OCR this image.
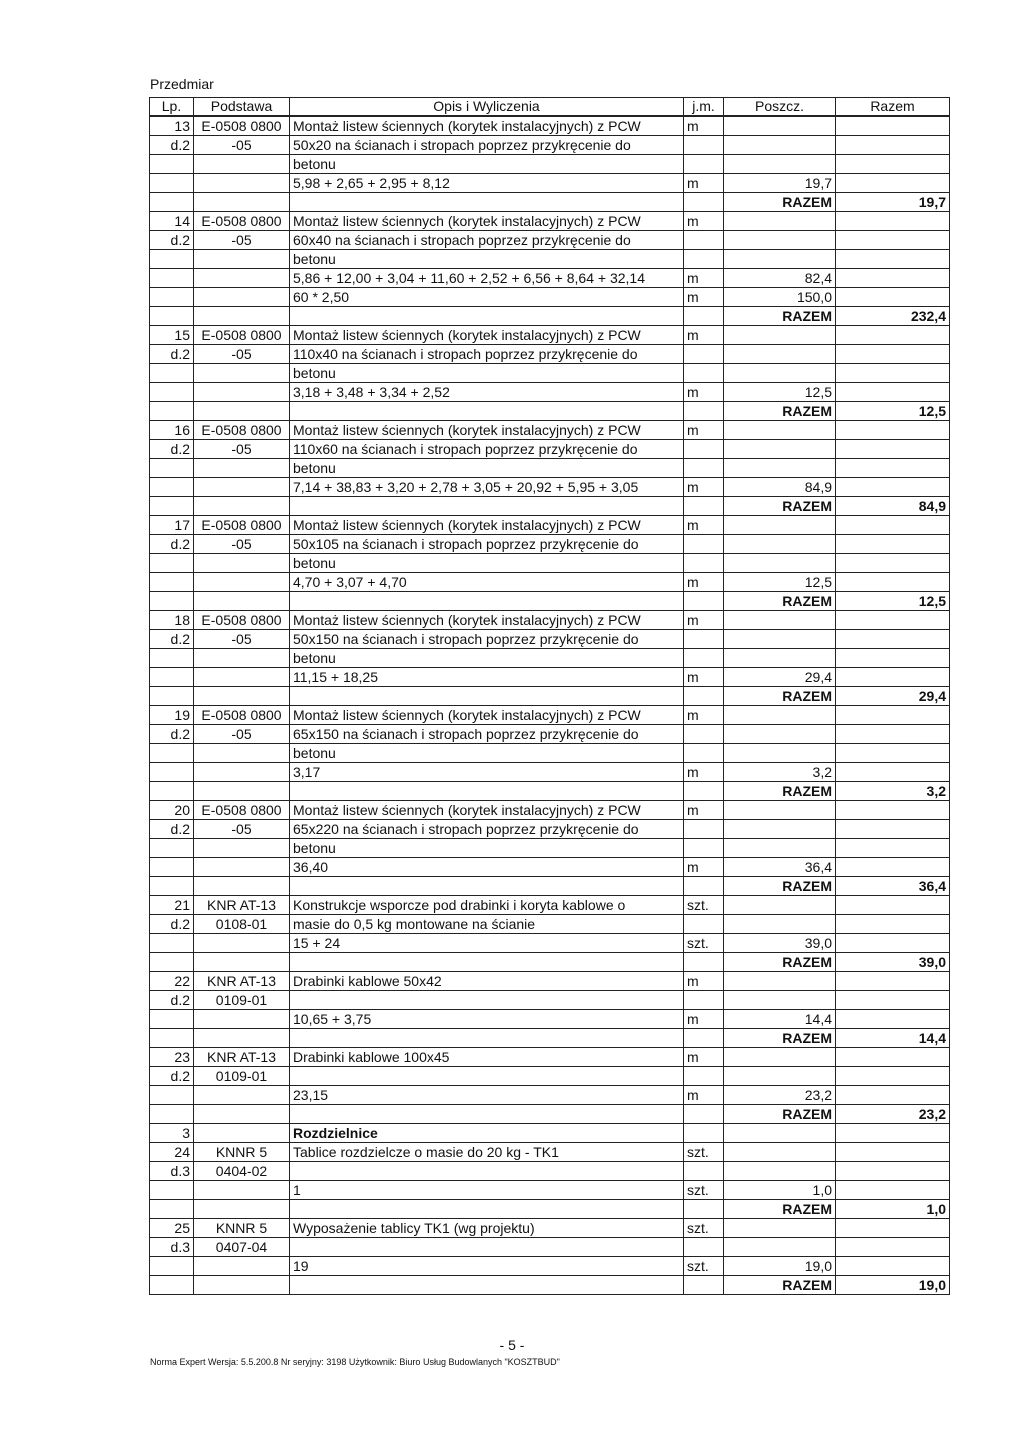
Przedmiar
Lp.	Podstawa	Opis i Wyliczenia	j.m.	Poszcz.	Razem
13	E-0508 0800	Montaż listew ściennych (korytek instalacyjnych) z PCW	m		
d.2	-05	50x20 na ścianach i stropach poprzez przykręcenie do			
		betonu			
		5,98 + 2,65 + 2,95 + 8,12	m	19,7	
				RAZEM	19,7
14	E-0508 0800	Montaż listew ściennych (korytek instalacyjnych) z PCW	m		
d.2	-05	60x40 na ścianach i stropach poprzez przykręcenie do			
		betonu			
		5,86 + 12,00 + 3,04 + 11,60 + 2,52 + 6,56 + 8,64 + 32,14	m	82,4	
		60 * 2,50	m	150,0	
				RAZEM	232,4
15	E-0508 0800	Montaż listew ściennych (korytek instalacyjnych) z PCW	m		
d.2	-05	110x40 na ścianach i stropach poprzez przykręcenie do			
		betonu			
		3,18 + 3,48 + 3,34 + 2,52	m	12,5	
				RAZEM	12,5
16	E-0508 0800	Montaż listew ściennych (korytek instalacyjnych) z PCW	m		
d.2	-05	110x60 na ścianach i stropach poprzez przykręcenie do			
		betonu			
		7,14 + 38,83 + 3,20 + 2,78 + 3,05 + 20,92 + 5,95 + 3,05	m	84,9	
				RAZEM	84,9
17	E-0508 0800	Montaż listew ściennych (korytek instalacyjnych) z PCW	m		
d.2	-05	50x105 na ścianach i stropach poprzez przykręcenie do			
		betonu			
		4,70 + 3,07 + 4,70	m	12,5	
				RAZEM	12,5
18	E-0508 0800	Montaż listew ściennych (korytek instalacyjnych) z PCW	m		
d.2	-05	50x150 na ścianach i stropach poprzez przykręcenie do			
		betonu			
		11,15 + 18,25	m	29,4	
				RAZEM	29,4
19	E-0508 0800	Montaż listew ściennych (korytek instalacyjnych) z PCW	m		
d.2	-05	65x150 na ścianach i stropach poprzez przykręcenie do			
		betonu			
		3,17	m	3,2	
				RAZEM	3,2
20	E-0508 0800	Montaż listew ściennych (korytek instalacyjnych) z PCW	m		
d.2	-05	65x220 na ścianach i stropach poprzez przykręcenie do			
		betonu			
		36,40	m	36,4	
				RAZEM	36,4
21	KNR AT-13	Konstrukcje wsporcze pod drabinki i koryta kablowe o	szt.		
d.2	0108-01	masie do 0,5 kg montowane na ścianie			
		15 + 24	szt.	39,0	
				RAZEM	39,0
22	KNR AT-13	Drabinki kablowe 50x42	m		
d.2	0109-01				
		10,65 + 3,75	m	14,4	
				RAZEM	14,4
23	KNR AT-13	Drabinki kablowe 100x45	m		
d.2	0109-01				
		23,15	m	23,2	
				RAZEM	23,2
3		Rozdzielnice			
24	KNNR 5	Tablice rozdzielcze o masie do 20 kg - TK1	szt.		
d.3	0404-02				
		1	szt.	1,0	
				RAZEM	1,0
25	KNNR 5	Wyposażenie tablicy TK1 (wg projektu)	szt.		
d.3	0407-04				
		19	szt.	19,0	
				RAZEM	19,0
- 5 -
Norma Expert Wersja: 5.5.200.8 Nr seryjny: 3198 Użytkownik: Biuro Usług Budowlanych "KOSZTBUD"
